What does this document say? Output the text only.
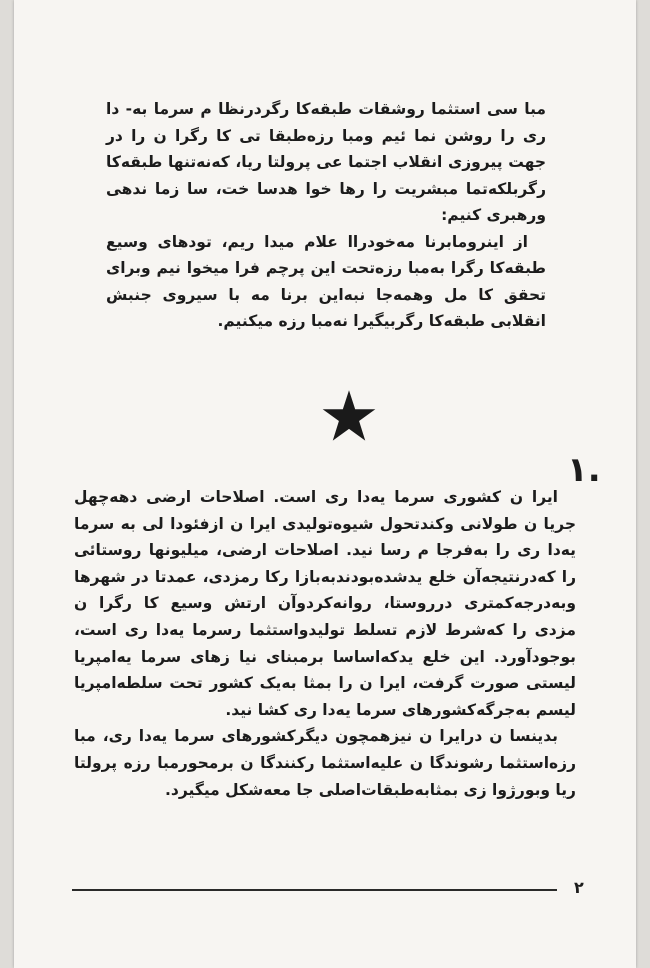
مبا سی استثما روشقات طبقه‌کا رگردرنظا م سرما به- دا ری را روشن نما ئیم ومبا رزه‌طبقا تی کا رگرا ن را در جهت پیروزی انقلاب اجتما عی پرولتا ریا، که‌نه‌تنها طبقه‌کا رگربلکه‌تما مبشریت را رها خوا هدسا خت، سا زما ندهی ورهبری کنیم:

از اینرومابرنا مه‌خودراا علام میدا ریم، تودهای وسیع طبقه‌کا رگرا به‌مبا رزه‌تحت این پرچم فرا میخوا نیم وبرای تحقق کا مل وهمه‌جا نبه‌این برنا مه با سیروی جنبش انقلابی طبقه‌کا رگربیگیرا نه‌مبا رزه میکنیم.

۱.

ایرا ن کشوری سرما یه‌دا ری است. اصلاحات ارضی دهه‌چهل جریا ن طولانی وکندتحول شیوه‌تولیدی ایرا ن ازفئودا لی به سرما یه‌دا ری را به‌فرجا م رسا نید. اصلاحات ارضی، میلیونها روستائی را که‌درنتیجه‌آن خلع یدشده‌بودندبه‌بازا رکا رمزدی، عمدتا در شهرها وبه‌درجه‌کمتری درروستا، روانه‌کردوآن ارتش وسیع کا رگرا ن مزدی را که‌شرط لازم تسلط تولیدواستثما رسرما یه‌دا ری است، بوجودآورد. این خلع یدکه‌اساسا برمبنای نیا زهای سرما یه‌امپریا لیستی صورت گرفت، ایرا ن را بمثا به‌یک کشور تحت سلطه‌امپریا لیسم به‌جرگه‌کشورهای سرما یه‌دا ری کشا نید.

بدینسا ن درایرا ن نیزهمچون دیگرکشورهای سرما یه‌دا ری، مبا رزه‌استثما رشوندگا ن علیه‌استثما رکنندگا ن برمحورمبا رزه پرولتا ریا وبورژوا زی بمثابه‌طبقات‌اصلی جا معه‌شکل میگیرد.

۲
